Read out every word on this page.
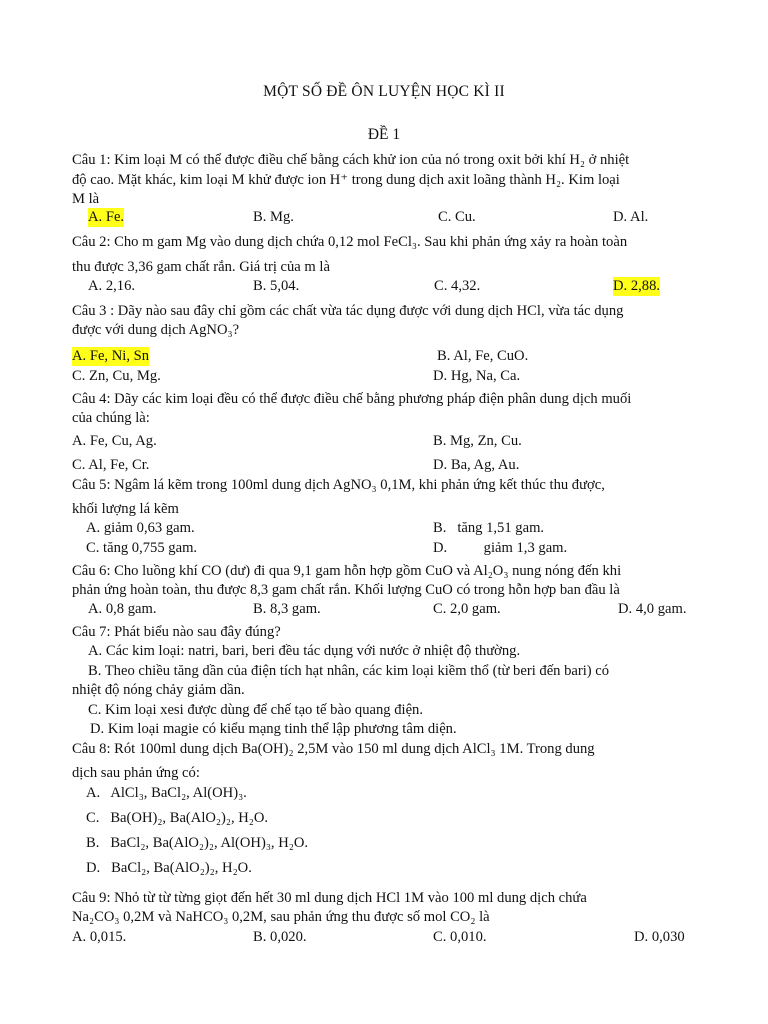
MỘT SỐ ĐỀ ÔN LUYỆN HỌC KÌ II
ĐỀ 1
Câu 1: Kim loại M có thể được điều chế bằng cách khử ion của nó trong oxit bởi khí H₂ ở nhiệt
độ cao. Mặt khác, kim loại M khử được ion H⁺ trong dung dịch axit loãng thành H₂. Kim loại
M là
A. Fe.	B. Mg.	C. Cu.	D. Al.
Câu 2: Cho m gam Mg vào dung dịch chứa 0,12 mol FeCl₃. Sau khi phản ứng xảy ra hoàn toàn
thu được 3,36 gam chất rắn. Giá trị của m là
A. 2,16.	B. 5,04.	C. 4,32.	D. 2,88.
Câu 3 : Dãy nào sau đây chỉ gồm các chất vừa tác dụng được với dung dịch HCl, vừa tác dụng
được với dung dịch AgNO₃?
A. Fe, Ni, Sn	B. Al, Fe, CuO.
C. Zn, Cu, Mg.	D. Hg, Na, Ca.
Câu 4: Dãy các kim loại đều có thể được điều chế bằng phương pháp điện phân dung dịch muối
của chúng là:
A. Fe, Cu, Ag.	B. Mg, Zn, Cu.
C. Al, Fe, Cr.	D. Ba, Ag, Au.
Câu 5: Ngâm lá kẽm trong 100ml dung dịch AgNO₃ 0,1M, khi phản ứng kết thúc thu được,
khối lượng lá kẽm
A. giảm 0,63 gam.	B.   tăng 1,51 gam.
C. tăng 0,755 gam.	D.          giảm 1,3 gam.
Câu 6: Cho luồng khí CO (dư) đi qua 9,1 gam hỗn hợp gồm CuO và Al₂O₃ nung nóng đến khi
phản ứng hoàn toàn, thu được 8,3 gam chất rắn. Khối lượng CuO có trong hỗn hợp ban đầu là
A. 0,8 gam.	B. 8,3 gam.	C. 2,0 gam.	D. 4,0 gam.
Câu 7: Phát biểu nào sau đây đúng?
A. Các kim loại: natri, bari, beri đều tác dụng với nước ở nhiệt độ thường.
B. Theo chiều tăng dần của điện tích hạt nhân, các kim loại kiềm thổ (từ beri đến bari) có
nhiệt độ nóng chảy giảm dần.
C. Kim loại xesi được dùng để chế tạo tế bào quang điện.
D. Kim loại magie có kiểu mạng tinh thể lập phương tâm diện.
Câu 8: Rót 100ml dung dịch Ba(OH)₂ 2,5M vào 150 ml dung dịch AlCl₃ 1M. Trong dung
dịch sau phản ứng có:
A.   AlCl₃, BaCl₂, Al(OH)₃.
C.   Ba(OH)₂, Ba(AlO₂)₂, H₂O.
B.   BaCl₂, Ba(AlO₂)₂, Al(OH)₃, H₂O.
D.   BaCl₂, Ba(AlO₂)₂, H₂O.
Câu 9: Nhỏ từ từ từng giọt đến hết 30 ml dung dịch HCl 1M vào 100 ml dung dịch chứa
Na₂CO₃ 0,2M và NaHCO₃ 0,2M, sau phản ứng thu được số mol CO₂ là
A. 0,015.	B. 0,020.	C. 0,010.	D. 0,030
